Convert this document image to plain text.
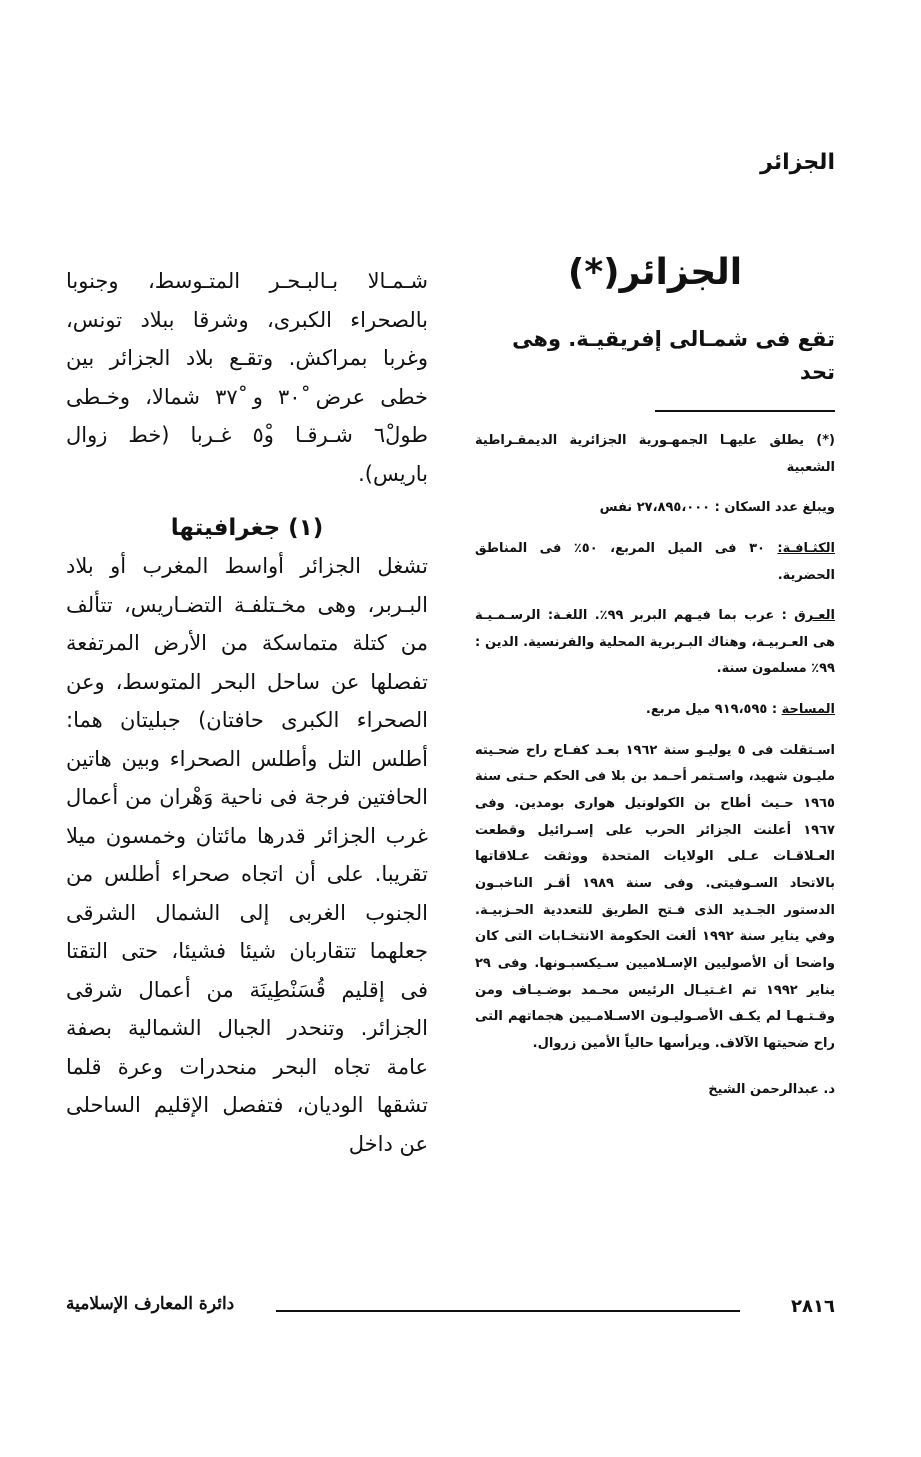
الجزائر
الجزائر(*)

تقع فى شمـالى إفريقيـة. وهى تحد

(*) يطلق عليهـا الجمهـورية الجزائرية الديمقـراطية الشعبية

ويبلغ عدد السكان : ٢٧،٨٩٥،٠٠٠ نفس

الكثـافـة: ٣٠ فى الميل المربع، ٥٠٪ فى المناطق الحضرية.

العـرق : عرب بما فيـهم البربر ٩٩٪. اللغـة: الرسـمـيـة هى العـربيـة، وهناك البـربرية المحلية والفرنسية. الدين : ٩٩٪ مسلمون سنة.

المساحة : ٩١٩،٥٩٥ ميل مربع.

اسـتقلت فى ٥ يوليـو سنة ١٩٦٢ بعـد كفـاح راح ضحـيته مليـون شهيد، واسـتمر أحـمد بن بلا فى الحكم حـتى سنة ١٩٦٥ حـيث أطاح بن الكولونيل هوارى بومدين. وفى ١٩٦٧ أعلنت الجزائر الحرب على إسـرائيل وقطعت العـلاقـات عـلى الولايات المتحدة ووثقت عـلاقاتها بالاتحاد السـوفيتى. وفى سنة ١٩٨٩ أقـر الناخبـون الدستور الجـديد الذى فـتح الطريق للتعددية الحـزبيـة. وفي يناير سنة ١٩٩٢ ألغت الحكومة الانتخـابات التى كان واضحا أن الأصوليين الإسـلاميين سـيكسبـونها. وفى ٢٩ يناير ١٩٩٢ تم اغـتيـال الرئيس محـمد بوضـيـاف ومن وقـتـهـا لم يكـف الأصـوليـون الاسـلامـيين هجماتهم التى راح ضحيتها الآلاف. ويرأسها حالياً الأمين زروال.

د. عبدالرحمن الشيخ

شـمـالا بـالبـحـر المتـوسط، وجنوبا بالصحراء الكبرى، وشرقا ببلاد تونس، وغربا بمراكش. وتقـع بلاد الجزائر بين خطى عرض ٣٠ْ و ٣٧ْ شمالا، وخـطى طول٦ْ شـرقـا و٥ْ غـربا (خط زوال باريس).

(١) جغرافيتها

تشغل الجزائر أواسط المغرب أو بلاد البـربر، وهى مخـتلفـة التضـاريس، تتألف من كتلة متماسكة من الأرض المرتفعة تفصلها عن ساحل البحر المتوسط، وعن الصحراء الكبرى حافتان) جبليتان هما: أطلس التل وأطلس الصحراء وبين هاتين الحافتين فرجة فى ناحية وَهْران من أعمال غرب الجزائر قدرها مائتان وخمسون ميلا تقريبا. على أن اتجاه صحراء أطلس من الجنوب الغربى إلى الشمال الشرقى جعلهما تتقاربان شيئا فشيئا، حتى التقتا فى إقليم قُسَنْطِينَة من أعمال شرقى الجزائر. وتنحدر الجبال الشمالية بصفة عامة تجاه البحر منحدرات وعرة قلما تشقها الوديان، فتفصل الإقليم الساحلى عن داخل

٢٨١٦
دائرة المعارف الإسلامية
